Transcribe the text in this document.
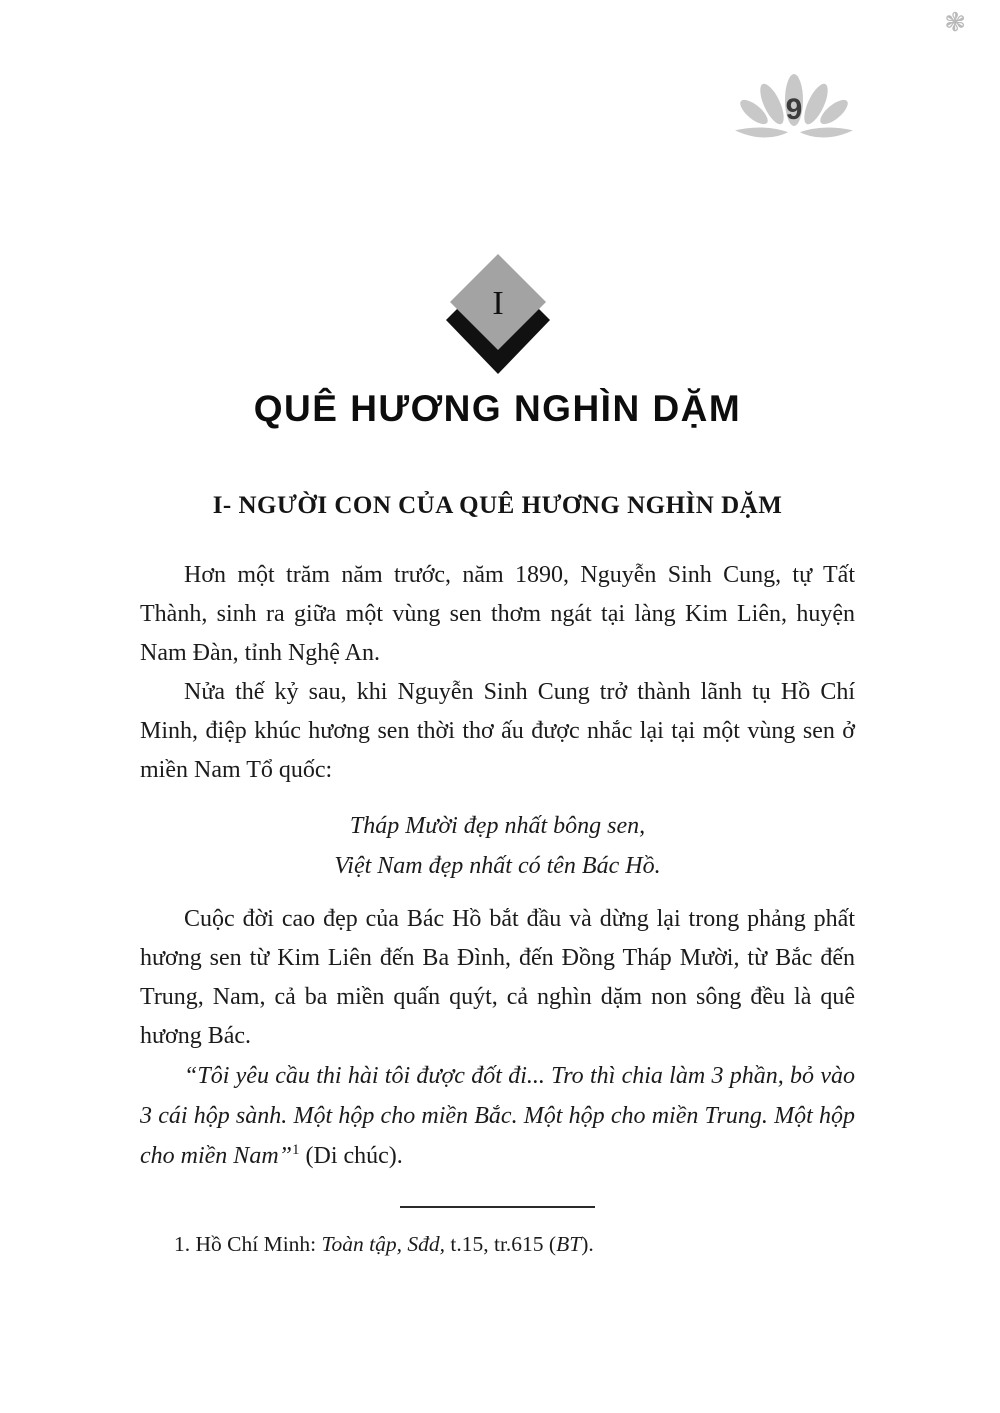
❃
9
I
QUÊ HƯƠNG NGHÌN DẶM
I- NGƯỜI CON CỦA QUÊ HƯƠNG NGHÌN DẶM

Hơn một trăm năm trước, năm 1890, Nguyễn Sinh Cung, tự Tất Thành, sinh ra giữa một vùng sen thơm ngát tại làng Kim Liên, huyện Nam Đàn, tỉnh Nghệ An.

Nửa thế kỷ sau, khi Nguyễn Sinh Cung trở thành lãnh tụ Hồ Chí Minh, điệp khúc hương sen thời thơ ấu được nhắc lại tại một vùng sen ở miền Nam Tổ quốc:

Tháp Mười đẹp nhất bông sen,
Việt Nam đẹp nhất có tên Bác Hồ.

Cuộc đời cao đẹp của Bác Hồ bắt đầu và dừng lại trong phảng phất hương sen từ Kim Liên đến Ba Đình, đến Đồng Tháp Mười, từ Bắc đến Trung, Nam, cả ba miền quấn quýt, cả nghìn dặm non sông đều là quê hương Bác.

“Tôi yêu cầu thi hài tôi được đốt đi... Tro thì chia làm 3 phần, bỏ vào 3 cái hộp sành. Một hộp cho miền Bắc. Một hộp cho miền Trung. Một hộp cho miền Nam”$^1$ (Di chúc).

1. Hồ Chí Minh: Toàn tập, Sđd, t.15, tr.615 (BT).
